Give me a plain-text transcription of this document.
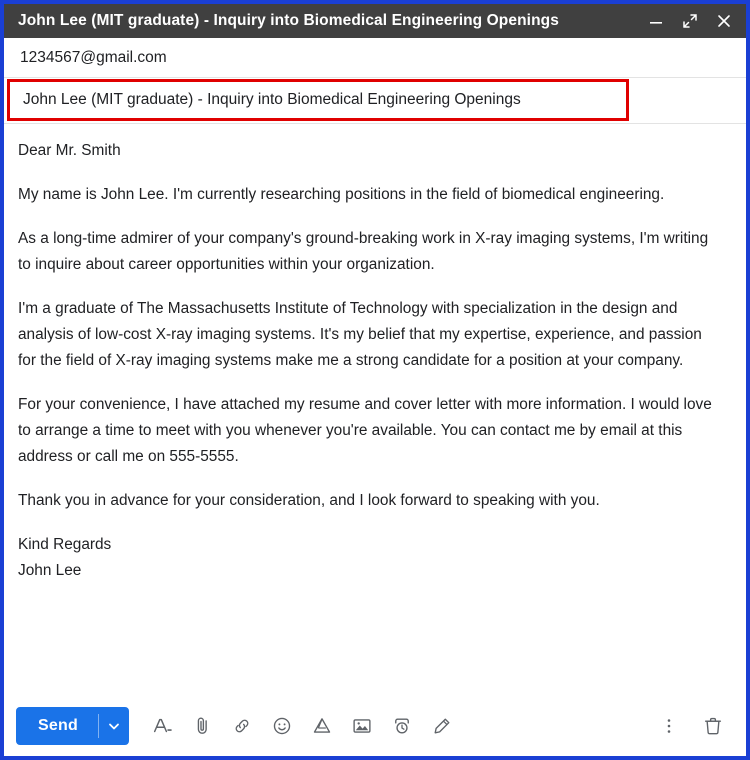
John Lee (MIT graduate) - Inquiry into Biomedical Engineering Openings
1234567@gmail.com
John Lee (MIT graduate) - Inquiry into Biomedical Engineering Openings

Dear Mr. Smith

My name is John Lee. I'm currently researching positions in the field of biomedical engineering.

As a long-time admirer of your company's ground-breaking work in X-ray imaging systems, I'm writing to inquire about career opportunities within your organization.

I'm a graduate of The Massachusetts Institute of Technology with specialization in the design and analysis of low-cost X-ray imaging systems. It's my belief that my expertise, experience, and passion for the field of X-ray imaging systems make me a strong candidate for a position at your company.

For your convenience, I have attached my resume and cover letter with more information. I would love to arrange a time to meet with you whenever you're available. You can contact me by email at this address or call me on 555-5555.

Thank you in advance for your consideration, and I look forward to speaking with you.

Kind Regards

John Lee

Send
